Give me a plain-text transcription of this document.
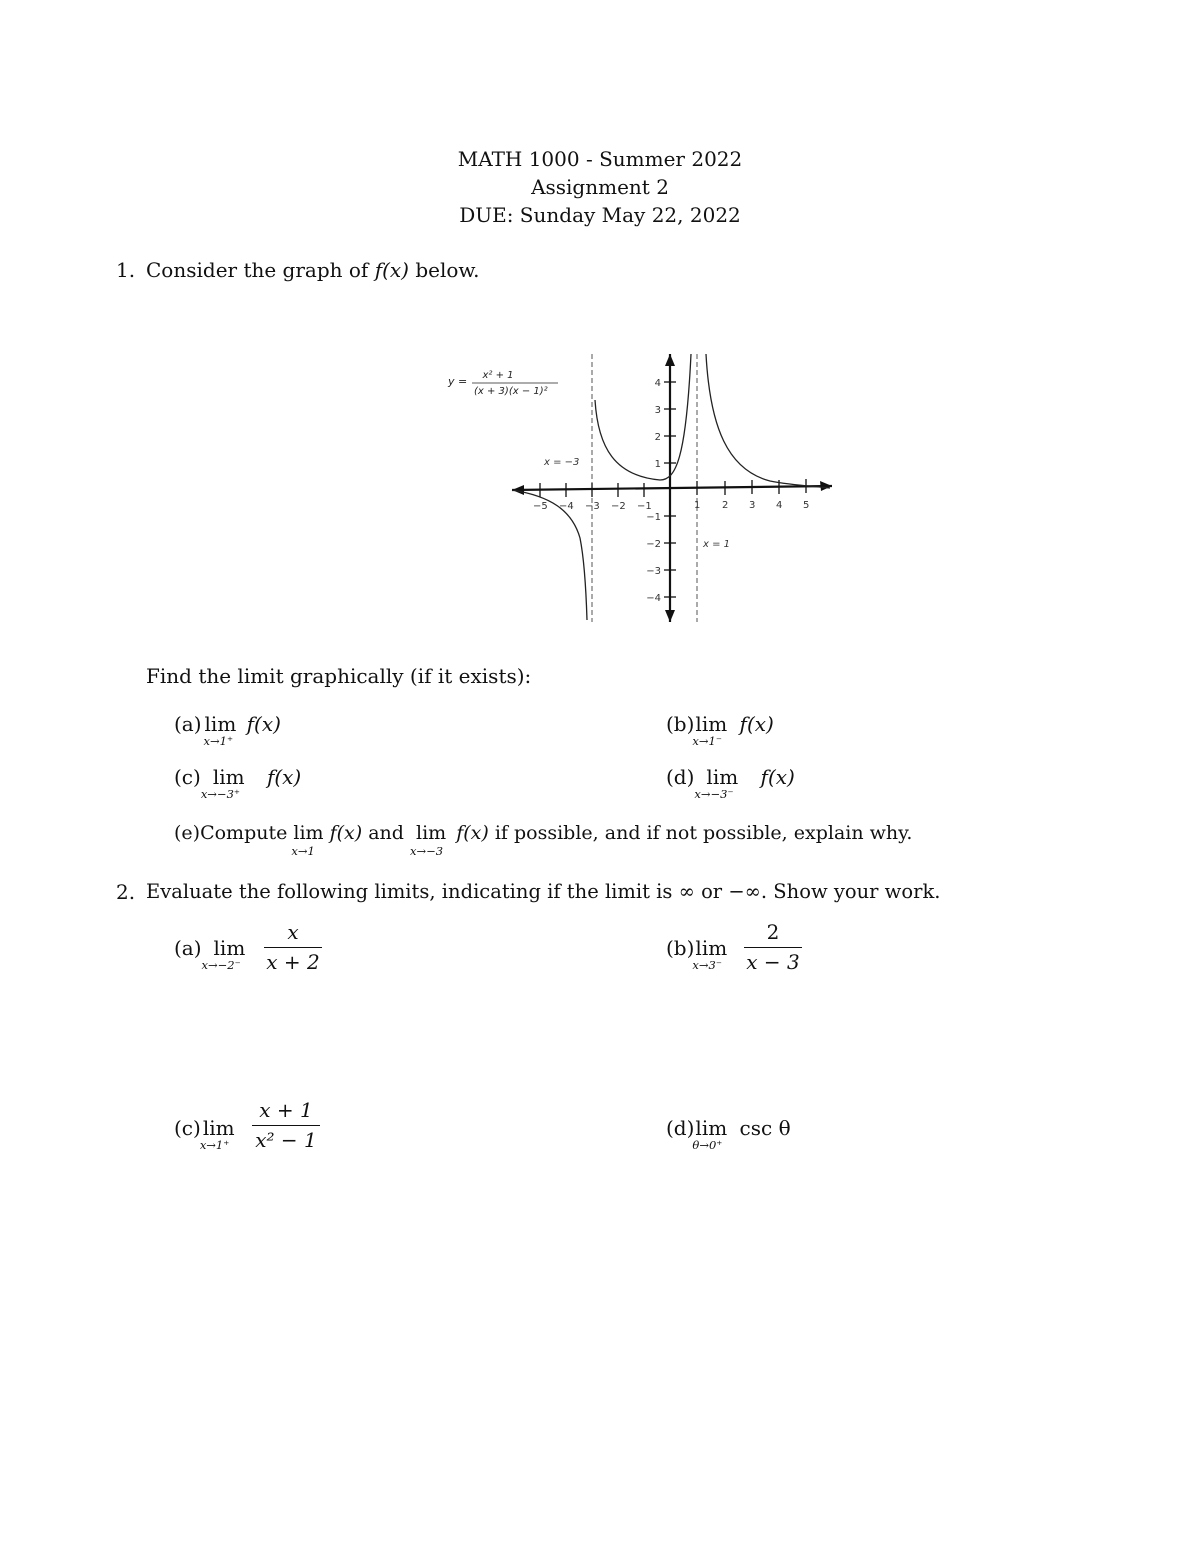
MATH 1000 - Summer 2022
Assignment 2
DUE: Sunday May 22, 2022
1. Consider the graph of f(x) below.
−5 −4 −3 −2 −1	1 2 3 4 5
4
3
2
1
−1
−2
−3
−4
y = x² + 1
(x + 3)(x − 1)²
x = −3
x = 1
Find the limit graphically (if it exists):
(a) lim
x→1⁺
f(x)	(b)lim
x→1⁻
f(x)
(c) lim
x→−3⁺
f(x)	(d) lim
x→−3⁻
f(x)
(e)Compute lim
x→1
f(x) and lim
x→−3
f(x) if possible, and if not possible, explain why.
2. Evaluate the following limits, indicating if the limit is ∞ or −∞. Show your work.
(a) lim
x→−2⁻
x
x + 2
(b)lim
x→3⁻
2
x − 3
(c) lim
x→1⁺
x + 1
x² − 1	(d)lim
θ→0⁺
csc θ
